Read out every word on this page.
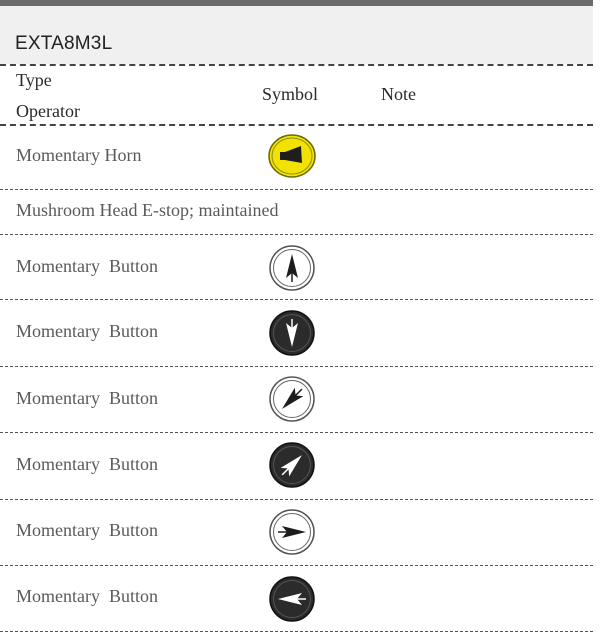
EXTA8M3L
Type
Operator
Symbol	Note
Momentary Horn
Mushroom Head E-stop; maintained
Momentary  Button
Momentary  Button
Momentary  Button
Momentary  Button
Momentary  Button
Momentary  Button
